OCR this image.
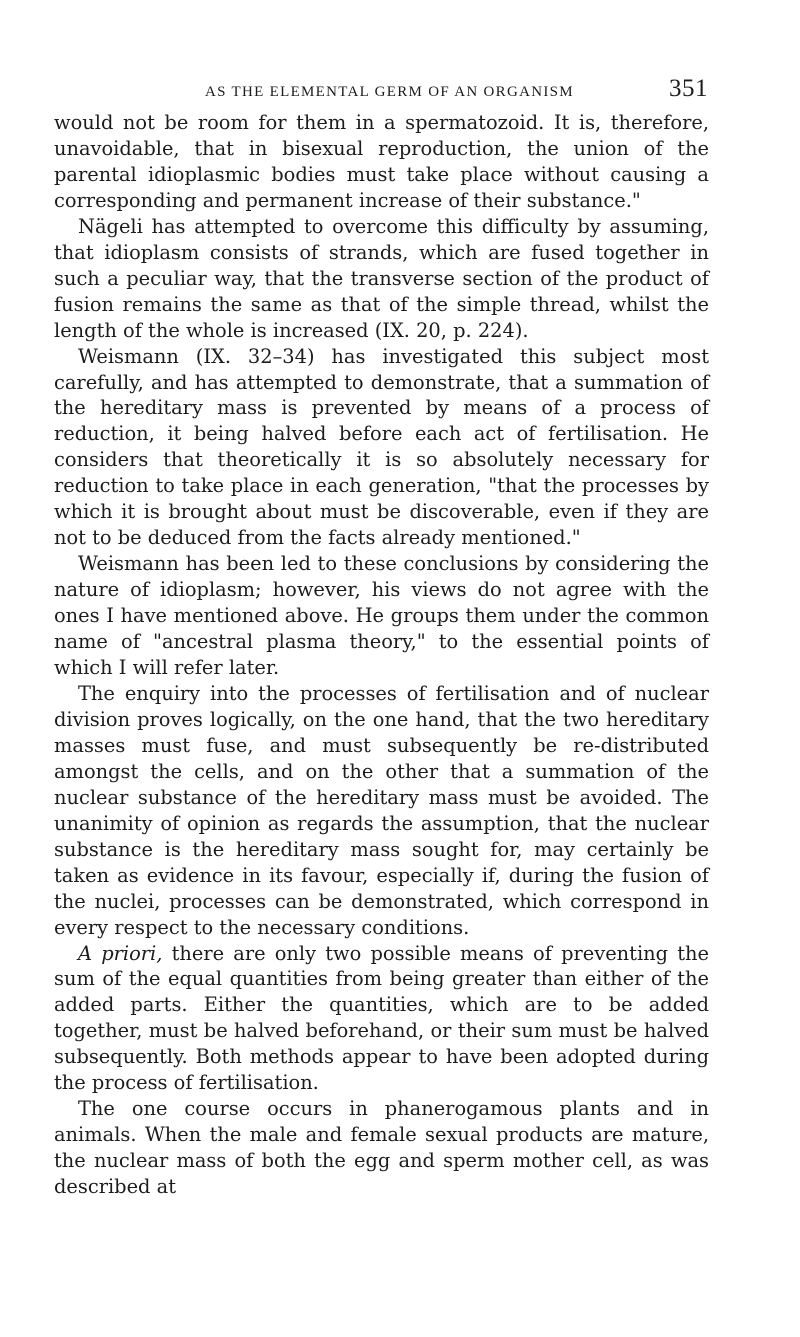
AS THE ELEMENTAL GERM OF AN ORGANISM	351

would not be room for them in a spermatozoid. It is, therefore, unavoidable, that in bisexual reproduction, the union of the parental idioplasmic bodies must take place without causing a corresponding and permanent increase of their substance."

Nägeli has attempted to overcome this difficulty by assuming, that idioplasm consists of strands, which are fused together in such a peculiar way, that the transverse section of the product of fusion remains the same as that of the simple thread, whilst the length of the whole is increased (IX. 20, p. 224).

Weismann (IX. 32–34) has investigated this subject most carefully, and has attempted to demonstrate, that a summation of the hereditary mass is prevented by means of a process of reduction, it being halved before each act of fertilisation. He considers that theoretically it is so absolutely necessary for reduction to take place in each generation, "that the processes by which it is brought about must be discoverable, even if they are not to be deduced from the facts already mentioned."

Weismann has been led to these conclusions by considering the nature of idioplasm; however, his views do not agree with the ones I have mentioned above. He groups them under the common name of "ancestral plasma theory," to the essential points of which I will refer later.

The enquiry into the processes of fertilisation and of nuclear division proves logically, on the one hand, that the two hereditary masses must fuse, and must subsequently be re-distributed amongst the cells, and on the other that a summation of the nuclear substance of the hereditary mass must be avoided. The unanimity of opinion as regards the assumption, that the nuclear substance is the hereditary mass sought for, may certainly be taken as evidence in its favour, especially if, during the fusion of the nuclei, processes can be demonstrated, which correspond in every respect to the necessary conditions.

A priori, there are only two possible means of preventing the sum of the equal quantities from being greater than either of the added parts. Either the quantities, which are to be added together, must be halved beforehand, or their sum must be halved subsequently. Both methods appear to have been adopted during the process of fertilisation.

The one course occurs in phanerogamous plants and in animals. When the male and female sexual products are mature, the nuclear mass of both the egg and sperm mother cell, as was described at
